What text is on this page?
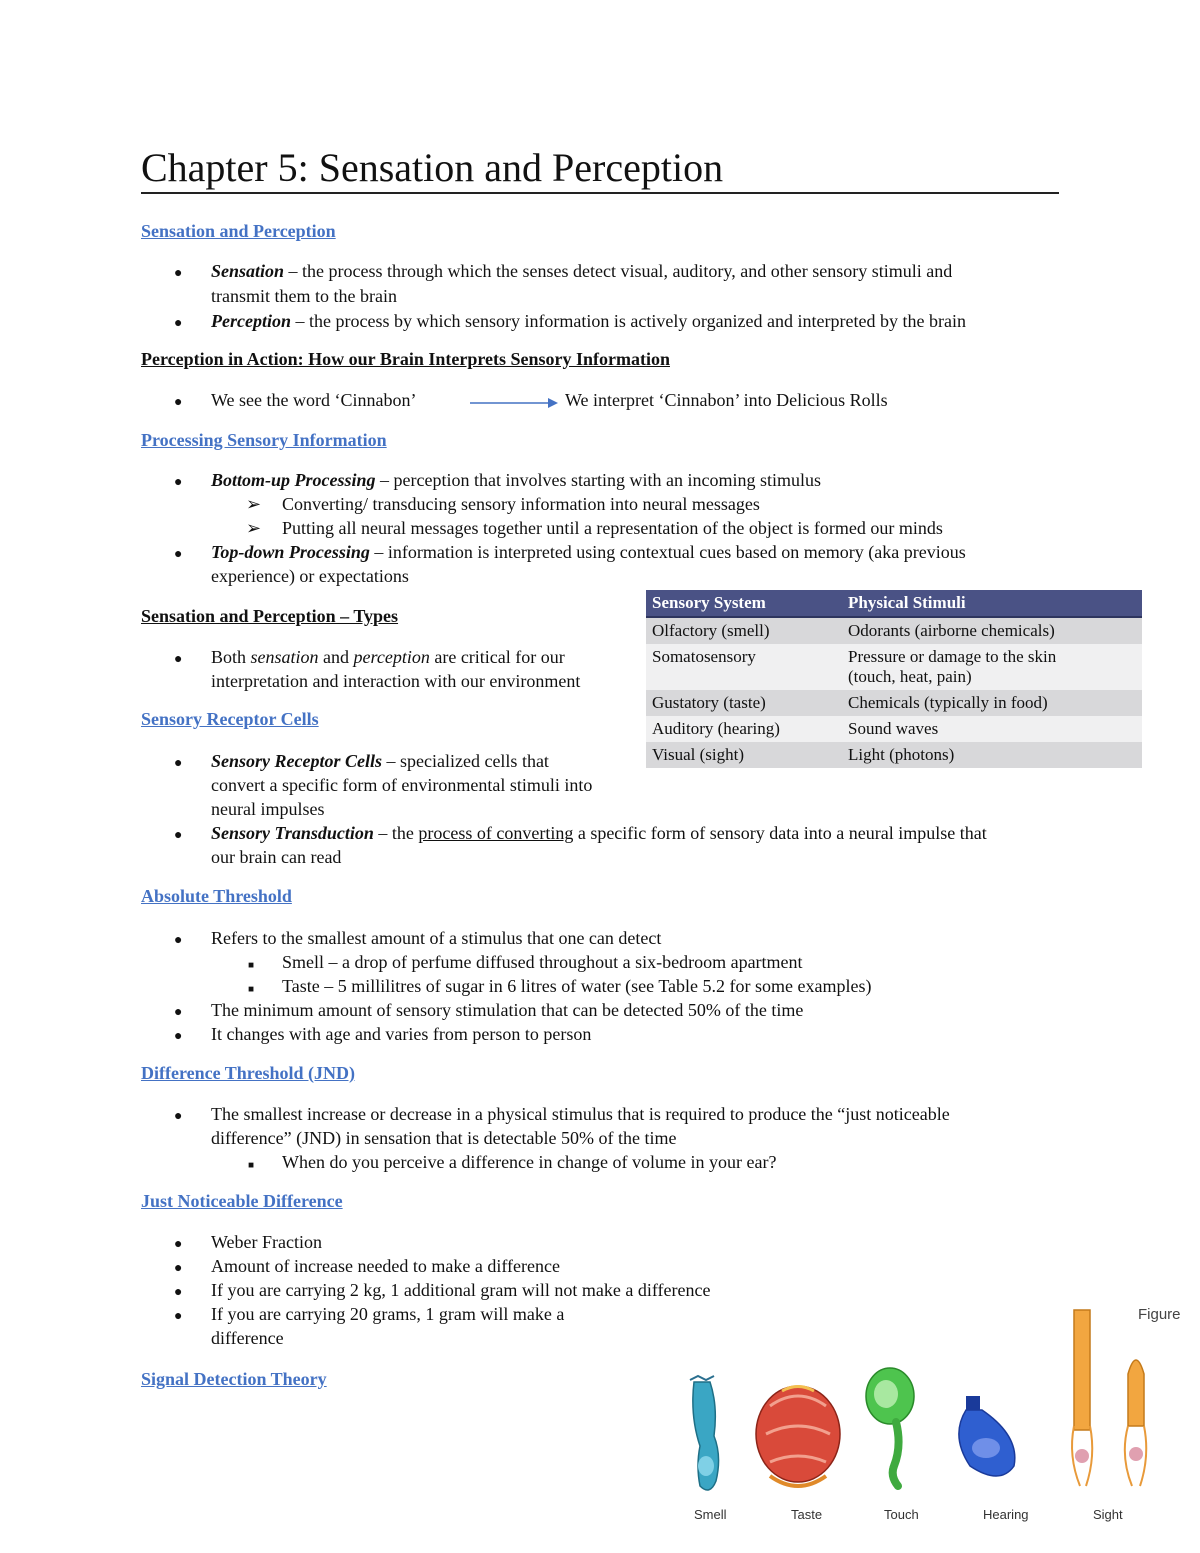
Chapter 5: Sensation and Perception
Sensation and Perception
● Sensation – the process through which the senses detect visual, auditory, and other sensory stimuli and
transmit them to the brain
● Perception – the process by which sensory information is actively organized and interpreted by the brain
Perception in Action: How our Brain Interprets Sensory Information
● We see the word ‘Cinnabon’	We interpret ‘Cinnabon’ into Delicious Rolls
Processing Sensory Information
● Bottom-up Processing – perception that involves starting with an incoming stimulus
➢ Converting/ transducing sensory information into neural messages
➢ Putting all neural messages together until a representation of the object is formed our minds
● Top-down Processing – information is interpreted using contextual cues based on memory (aka previous
experience) or expectations
Sensation and Perception – Types
● Both sensation and perception are critical for our
interpretation and interaction with our environment
Sensory Receptor Cells
● Sensory Receptor Cells – specialized cells that
convert a specific form of environmental stimuli into
neural impulses
● Sensory Transduction – the process of converting a specific form of sensory data into a neural impulse that
our brain can read
Sensory System	Physical Stimuli
Olfactory (smell)	Odorants (airborne chemicals)
Somatosensory	Pressure or damage to the skin
(touch, heat, pain)

Gustatory (taste)	Chemicals (typically in food)
Auditory (hearing)	Sound waves
Visual (sight)	Light (photons)
Absolute Threshold
● Refers to the smallest amount of a stimulus that one can detect
■ Smell – a drop of perfume diffused throughout a six-bedroom apartment
■ Taste – 5 millilitres of sugar in 6 litres of water (see Table 5.2 for some examples)
● The minimum amount of sensory stimulation that can be detected 50% of the time
● It changes with age and varies from person to person
Difference Threshold (JND)
● The smallest increase or decrease in a physical stimulus that is required to produce the “just noticeable
difference” (JND) in sensation that is detectable 50% of the time
■ When do you perceive a difference in change of volume in your ear?
Just Noticeable Difference
● Weber Fraction
● Amount of increase needed to make a difference
● If you are carrying 2 kg, 1 additional gram will not make a difference
● If you are carrying 20 grams, 1 gram will make a
difference
Signal Detection Theory
Figure
Smell	Taste	Touch	Hearing	Sight
